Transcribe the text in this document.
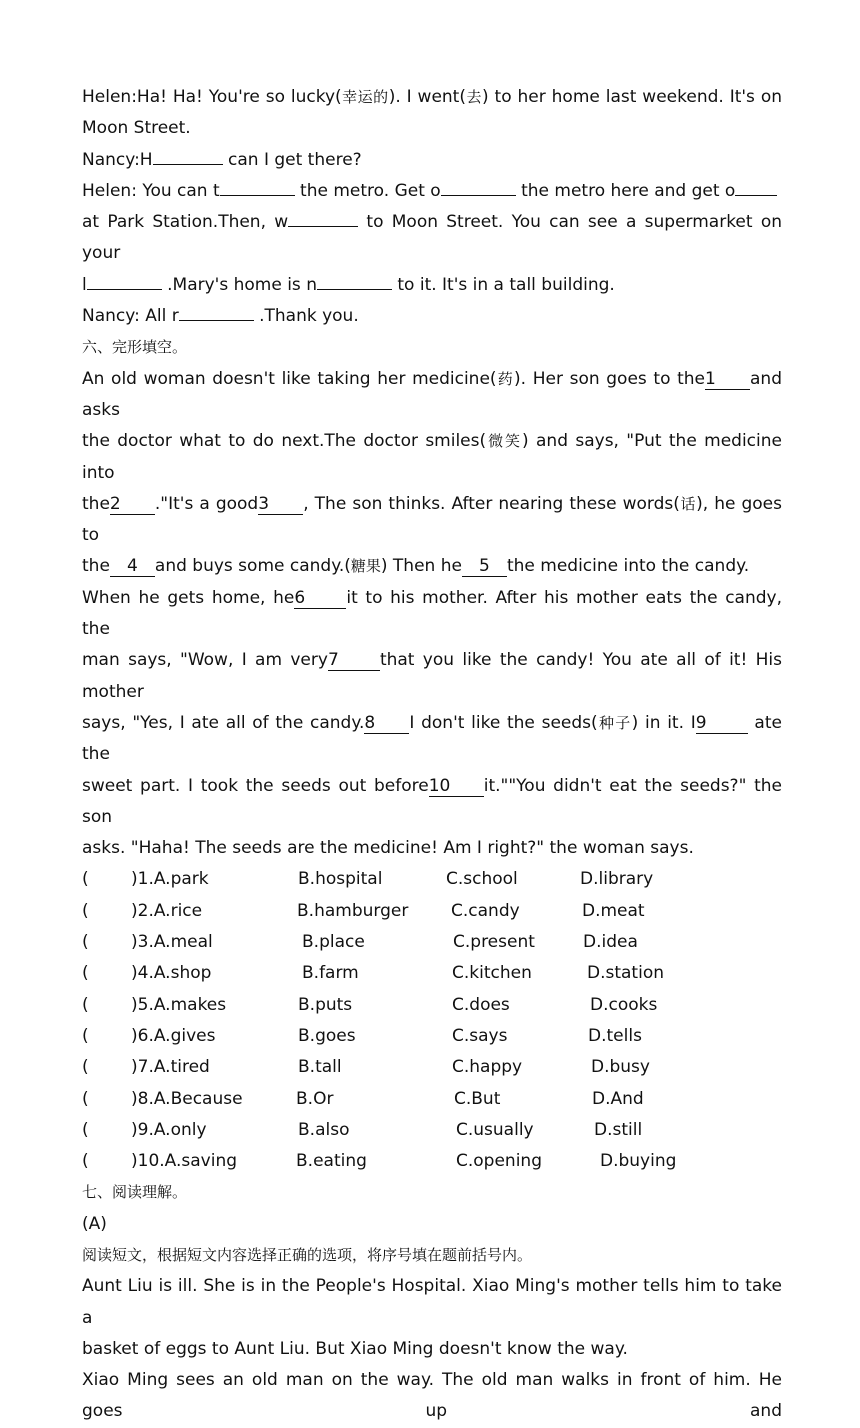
Helen:Ha! Ha! You're so lucky(幸运的). I went(去) to her home last weekend. It's on
Moon Street.
Nancy:H	can I get there?
Helen: You can t	the metro. Get o	the metro here and get o
at Park Station.Then, w	to Moon Street. You can see a supermarket on your
l	.Mary's home is n	to it. It's in a tall building.
Nancy: All r	.Thank you.
六、完形填空。
An old woman doesn't like taking her medicine(药). Her son goes to the1 and asks
the doctor what to do next.The doctor smiles(微笑) and says, "Put the medicine into
the2 ."It's a good3 , The son thinks. After nearing these words(话), he goes to
the 4 and buys some candy.(糖果) Then he 5 the medicine into the candy.
When he gets home, he6 it to his mother. After his mother eats the candy, the
man says, "Wow, I am very7 that you like the candy! You ate all of it! His mother
says, "Yes, I ate all of the candy.8 I don't like the seeds(种子) in it. I9 ate the
sweet part. I took the seeds out before10 it.""You didn't eat the seeds?" the son
asks. "Haha! The seeds are the medicine! Am I right?" the woman says.
( )1.A.park	B.hospital	C.school	D.library
( )2.A.rice	B.hamburger	C.candy	D.meat
( )3.A.meal	B.place	C.present	D.idea
( )4.A.shop	B.farm	C.kitchen	D.station
( )5.A.makes	B.puts	C.does	D.cooks
( )6.A.gives	B.goes	C.says	D.tells
( )7.A.tired	B.tall	C.happy	D.busy
( )8.A.Because	B.Or	C.But	D.And
( )9.A.only	B.also	C.usually	D.still
( )10.A.saving	B.eating	C.opening	D.buying
七、阅读理解。
(A)
阅读短文，根据短文内容选择正确的选项，将序号填在题前括号内。
Aunt Liu is ill. She is in the People's Hospital. Xiao Ming's mother tells him to take a
basket of eggs to Aunt Liu. But Xiao Ming doesn't know the way.
Xiao Ming sees an old man on the way. The old man walks in front of him. He goes up and
